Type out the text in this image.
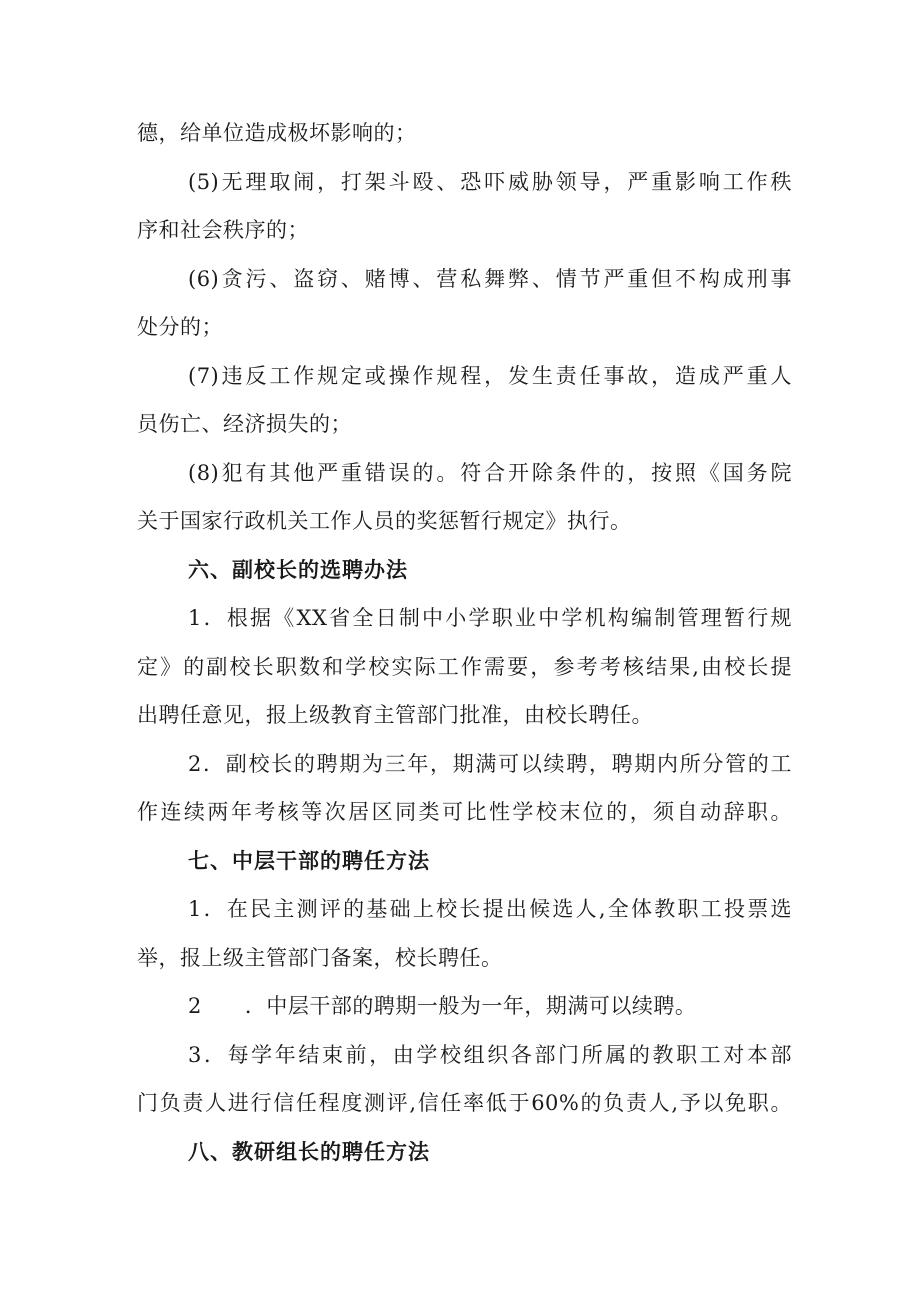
德，给单位造成极坏影响的；
(5)无理取闹，打架斗殴、恐吓威胁领导，严重影响工作秩
序和社会秩序的；
(6)贪污、盗窃、赌博、营私舞弊、情节严重但不构成刑事
处分的；
(7)违反工作规定或操作规程，发生责任事故，造成严重人
员伤亡、经济损失的；
(8)犯有其他严重错误的。符合开除条件的，按照《国务院
关于国家行政机关工作人员的奖惩暂行规定》执行。
六、副校长的选聘办法
1．根据《XX省全日制中小学职业中学机构编制管理暂行规
定》的副校长职数和学校实际工作需要，参考考核结果,由校长提
出聘任意见，报上级教育主管部门批准，由校长聘任。
2．副校长的聘期为三年，期满可以续聘，聘期内所分管的工
作连续两年考核等次居区同类可比性学校末位的，须自动辞职。
七、中层干部的聘任方法
1．在民主测评的基础上校长提出候选人,全体教职工投票选
举，报上级主管部门备案，校长聘任。
2　　．中层干部的聘期一般为一年，期满可以续聘。
3．每学年结束前，由学校组织各部门所属的教职工对本部
门负责人进行信任程度测评,信任率低于60%的负责人,予以免职。
八、教研组长的聘任方法
